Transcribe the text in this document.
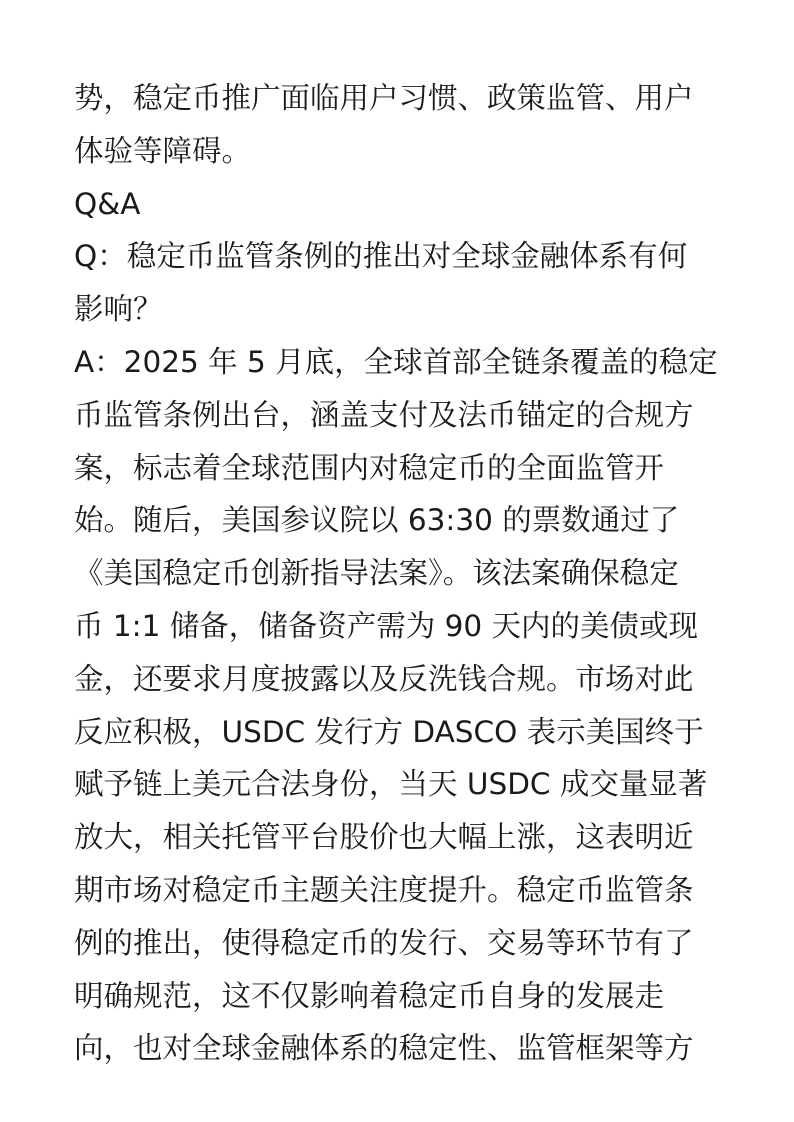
势，稳定币推广面临用户习惯、政策监管、用户
体验等障碍。
Q&A
Q：稳定币监管条例的推出对全球金融体系有何
影响？
A：2025 年 5 月底，全球首部全链条覆盖的稳定
币监管条例出台，涵盖支付及法币锚定的合规方
案，标志着全球范围内对稳定币的全面监管开
始。随后，美国参议院以 63:30 的票数通过了
《美国稳定币创新指导法案》。该法案确保稳定
币 1:1 储备，储备资产需为 90 天内的美债或现
金，还要求月度披露以及反洗钱合规。市场对此
反应积极，USDC 发行方 DASCO 表示美国终于
赋予链上美元合法身份，当天 USDC 成交量显著
放大，相关托管平台股价也大幅上涨，这表明近
期市场对稳定币主题关注度提升。稳定币监管条
例的推出，使得稳定币的发行、交易等环节有了
明确规范，这不仅影响着稳定币自身的发展走
向，也对全球金融体系的稳定性、监管框架等方
